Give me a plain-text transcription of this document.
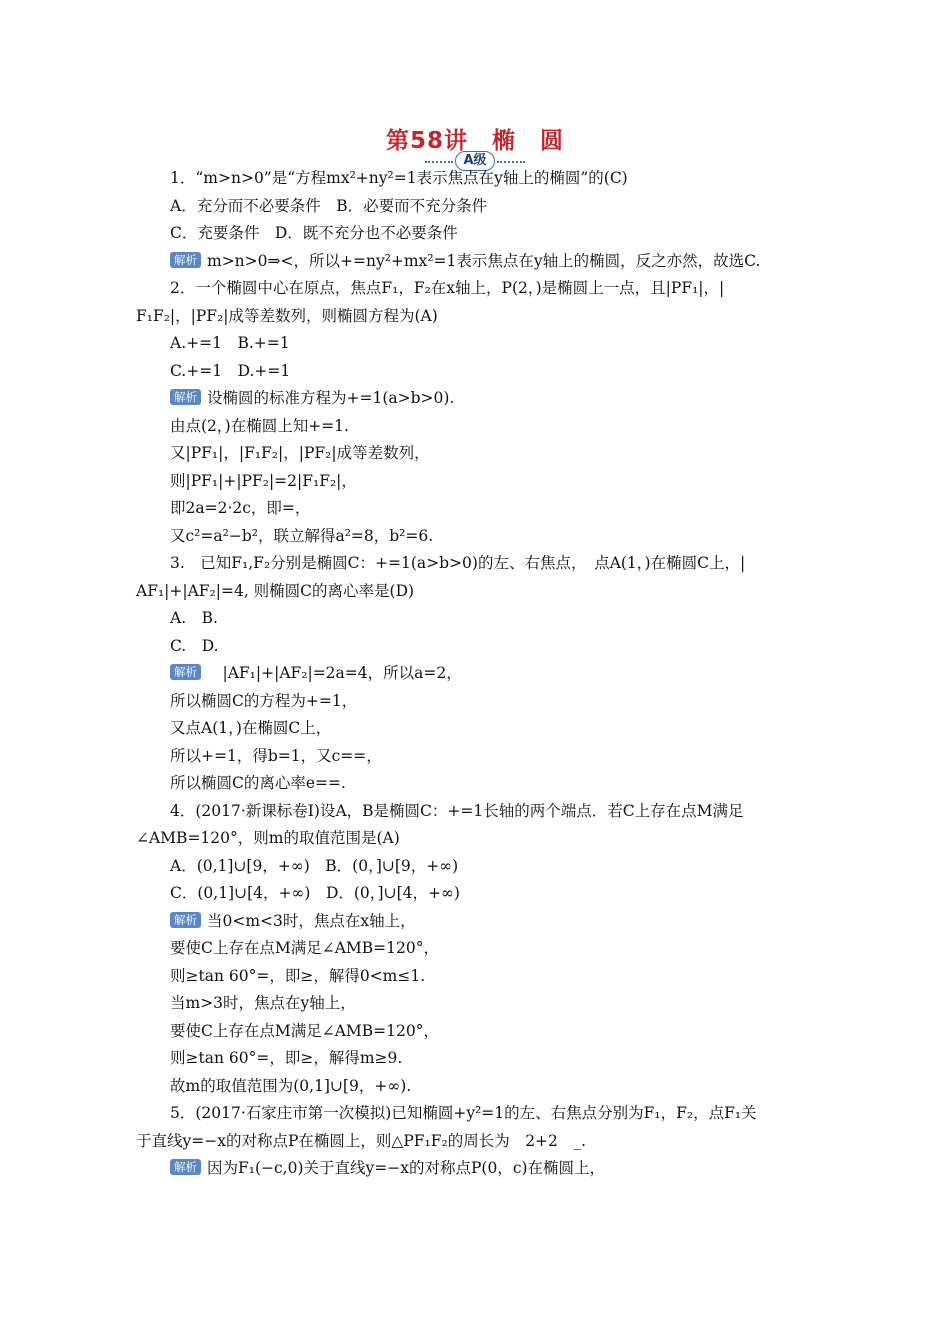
第58讲　椭　圆
A级
1．“m>n>0”是“方程mx²+ny²=1表示焦点在y轴上的椭圆”的(C)
A．充分而不必要条件　B．必要而不充分条件
C．充要条件　D．既不充分也不必要条件
解析 m>n>0⇒<，所以+=ny²+mx²=1表示焦点在y轴上的椭圆，反之亦然，故选C.
2．一个椭圆中心在原点，焦点F₁，F₂在x轴上，P(2，)是椭圆上一点，且|PF₁|，|
F₁F₂|，|PF₂|成等差数列，则椭圆方程为(A)
A.+=1　B.+=1
C.+=1　D.+=1
解析 设椭圆的标准方程为+=1(a>b>0).
由点(2，)在椭圆上知+=1.
又|PF₁|，|F₁F₂|，|PF₂|成等差数列，
则|PF₁|+|PF₂|=2|F₁F₂|，
即2a=2·2c，即=，
又c²=a²−b²，联立解得a²=8，b²=6.
3.　已知F₁,F₂分别是椭圆C：+=1(a>b>0)的左、右焦点，　点A(1，)在椭圆C上，|
AF₁|+|AF₂|=4, 则椭圆C的离心率是(D)
A.　B.
C.　D.
解析　|AF₁|+|AF₂|=2a=4，所以a=2，
所以椭圆C的方程为+=1，
又点A(1，)在椭圆C上，
所以+=1，得b=1，又c==，
所以椭圆C的离心率e==.
4．(2017·新课标卷Ⅰ)设A，B是椭圆C：+=1长轴的两个端点．若C上存在点M满足
∠AMB=120°，则m的取值范围是(A)
A．(0,1]∪[9，+∞)　B．(0，]∪[9，+∞)
C．(0,1]∪[4，+∞)　D．(0，]∪[4，+∞)
解析 当0<m<3时，焦点在x轴上，
要使C上存在点M满足∠AMB=120°，
则≥tan 60°=，即≥，解得0<m≤1.
当m>3时，焦点在y轴上，
要使C上存在点M满足∠AMB=120°，
则≥tan 60°=，即≥，解得m≥9.
故m的取值范围为(0,1]∪[9，+∞).
5．(2017·石家庄市第一次模拟)已知椭圆+y²=1的左、右焦点分别为F₁，F₂，点F₁关
于直线y=−x的对称点P在椭圆上，则△PF₁F₂的周长为　2+2　_.
解析 因为F₁(−c,0)关于直线y=−x的对称点P(0，c)在椭圆上，
